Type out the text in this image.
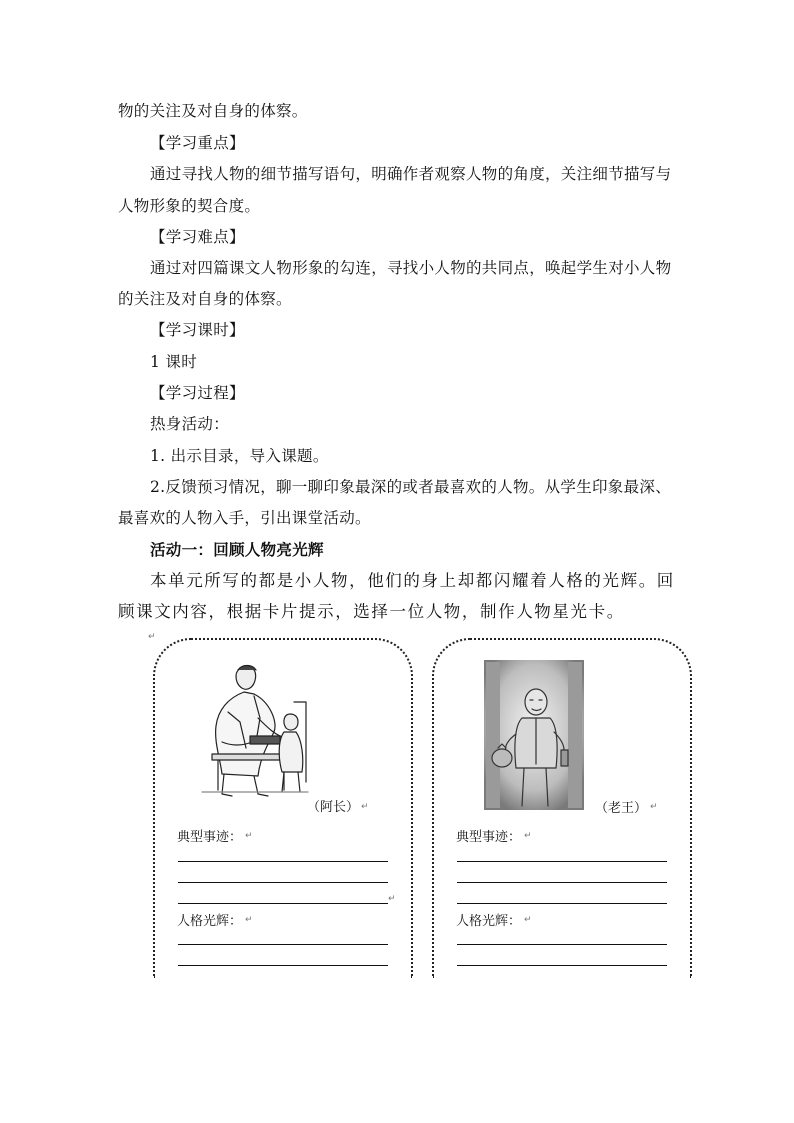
物的关注及对自身的体察。
【学习重点】
通过寻找人物的细节描写语句，明确作者观察人物的角度，关注细节描写与
人物形象的契合度。
【学习难点】
通过对四篇课文人物形象的勾连，寻找小人物的共同点，唤起学生对小人物
的关注及对自身的体察。
【学习课时】
1 课时
【学习过程】
热身活动：
1. 出示目录，导入课题。
2.反馈预习情况，聊一聊印象最深的或者最喜欢的人物。从学生印象最深、
最喜欢的人物入手，引出课堂活动。
活动一：回顾人物亮光辉
本单元所写的都是小人物，他们的身上却都闪耀着人格的光辉。回
顾课文内容，根据卡片提示，选择一位人物，制作人物星光卡。
↵
（阿长） ↵
典型事迹： ↵
↵
人格光辉： ↵
（老王） ↵
典型事迹： ↵
人格光辉： ↵
